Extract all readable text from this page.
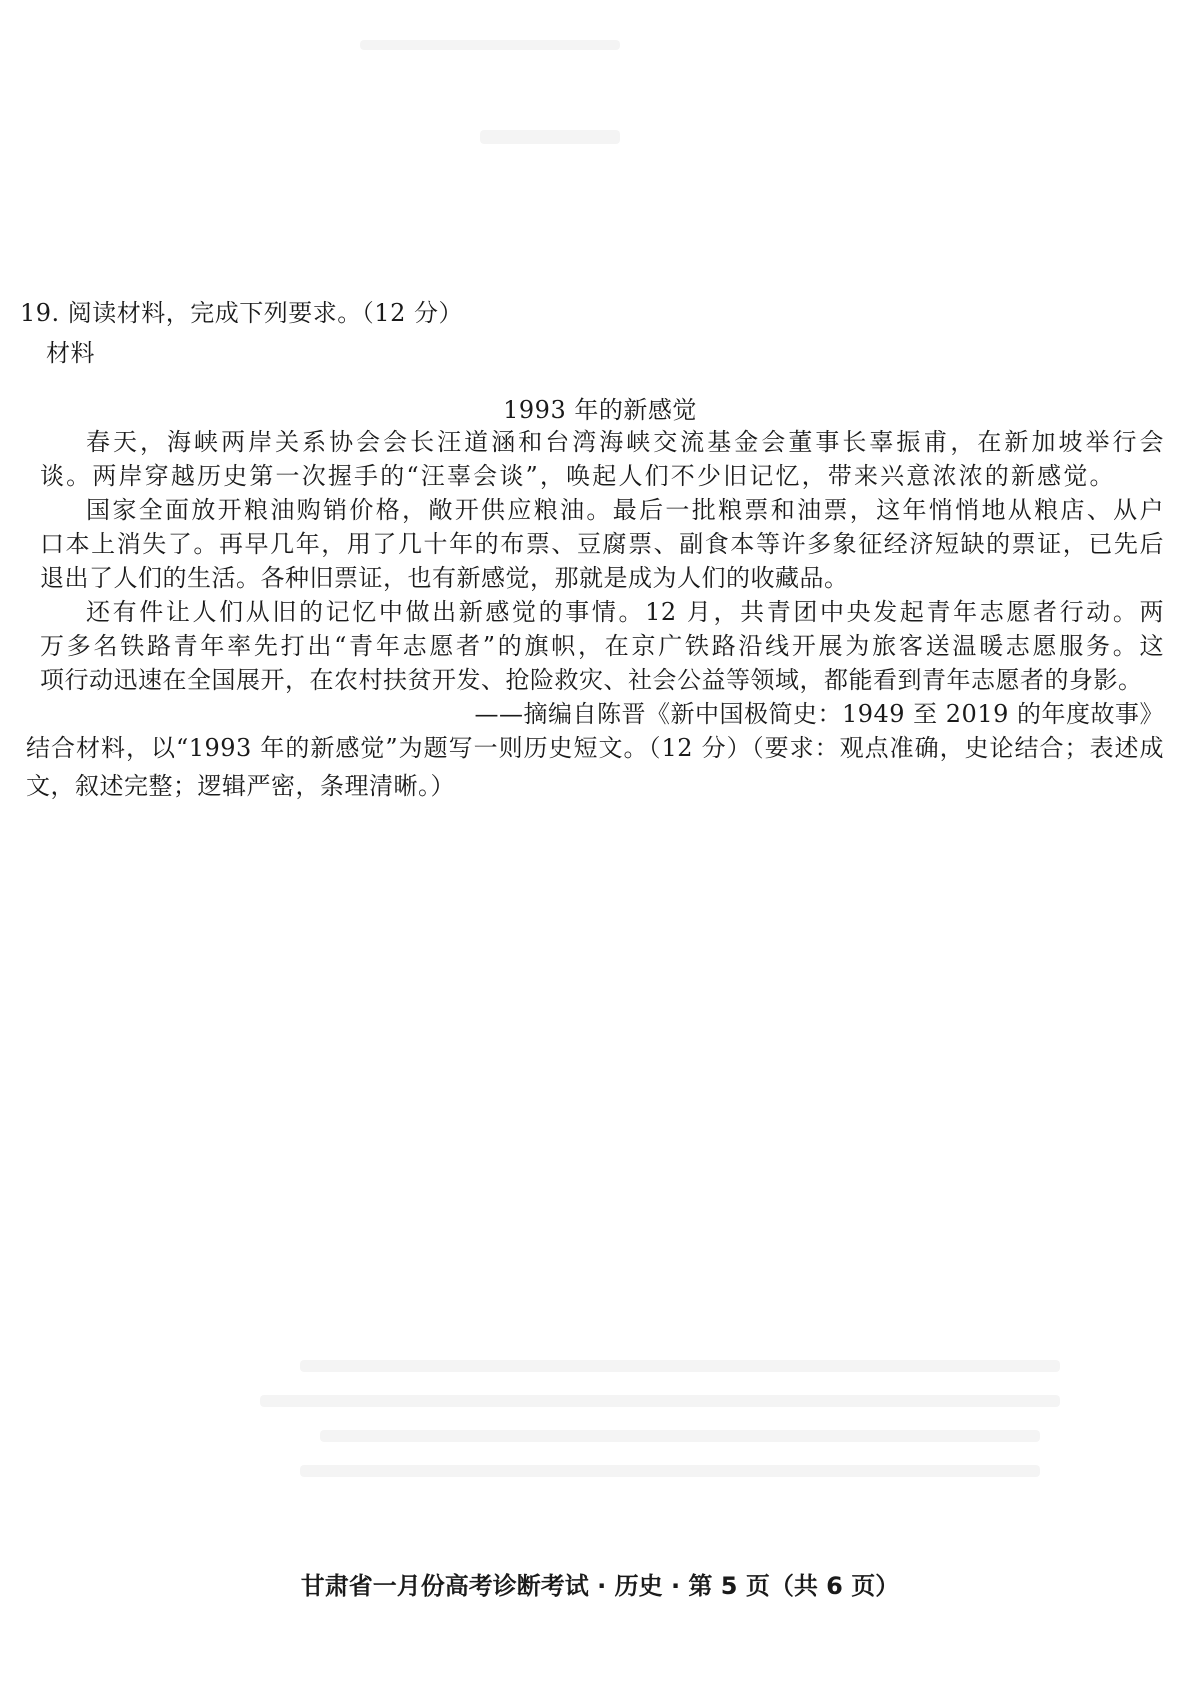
19. 阅读材料，完成下列要求。（12 分）
材料
1993 年的新感觉
春天，海峡两岸关系协会会长汪道涵和台湾海峡交流基金会董事长辜振甫，在新加坡举行会
谈。两岸穿越历史第一次握手的“汪辜会谈”，唤起人们不少旧记忆，带来兴意浓浓的新感觉。
国家全面放开粮油购销价格，敞开供应粮油。最后一批粮票和油票，这年悄悄地从粮店、从户
口本上消失了。再早几年，用了几十年的布票、豆腐票、副食本等许多象征经济短缺的票证，已先后
退出了人们的生活。各种旧票证，也有新感觉，那就是成为人们的收藏品。
还有件让人们从旧的记忆中做出新感觉的事情。12 月，共青团中央发起青年志愿者行动。两
万多名铁路青年率先打出“青年志愿者”的旗帜，在京广铁路沿线开展为旅客送温暖志愿服务。这
项行动迅速在全国展开，在农村扶贫开发、抢险救灾、社会公益等领域，都能看到青年志愿者的身影。
——摘编自陈晋《新中国极简史：1949 至 2019 的年度故事》
结合材料，以“1993 年的新感觉”为题写一则历史短文。（12 分）（要求：观点准确，史论结合；表述成
文，叙述完整；逻辑严密，条理清晰。）
甘肃省一月份高考诊断考试 · 历史 · 第 5 页（共 6 页）
